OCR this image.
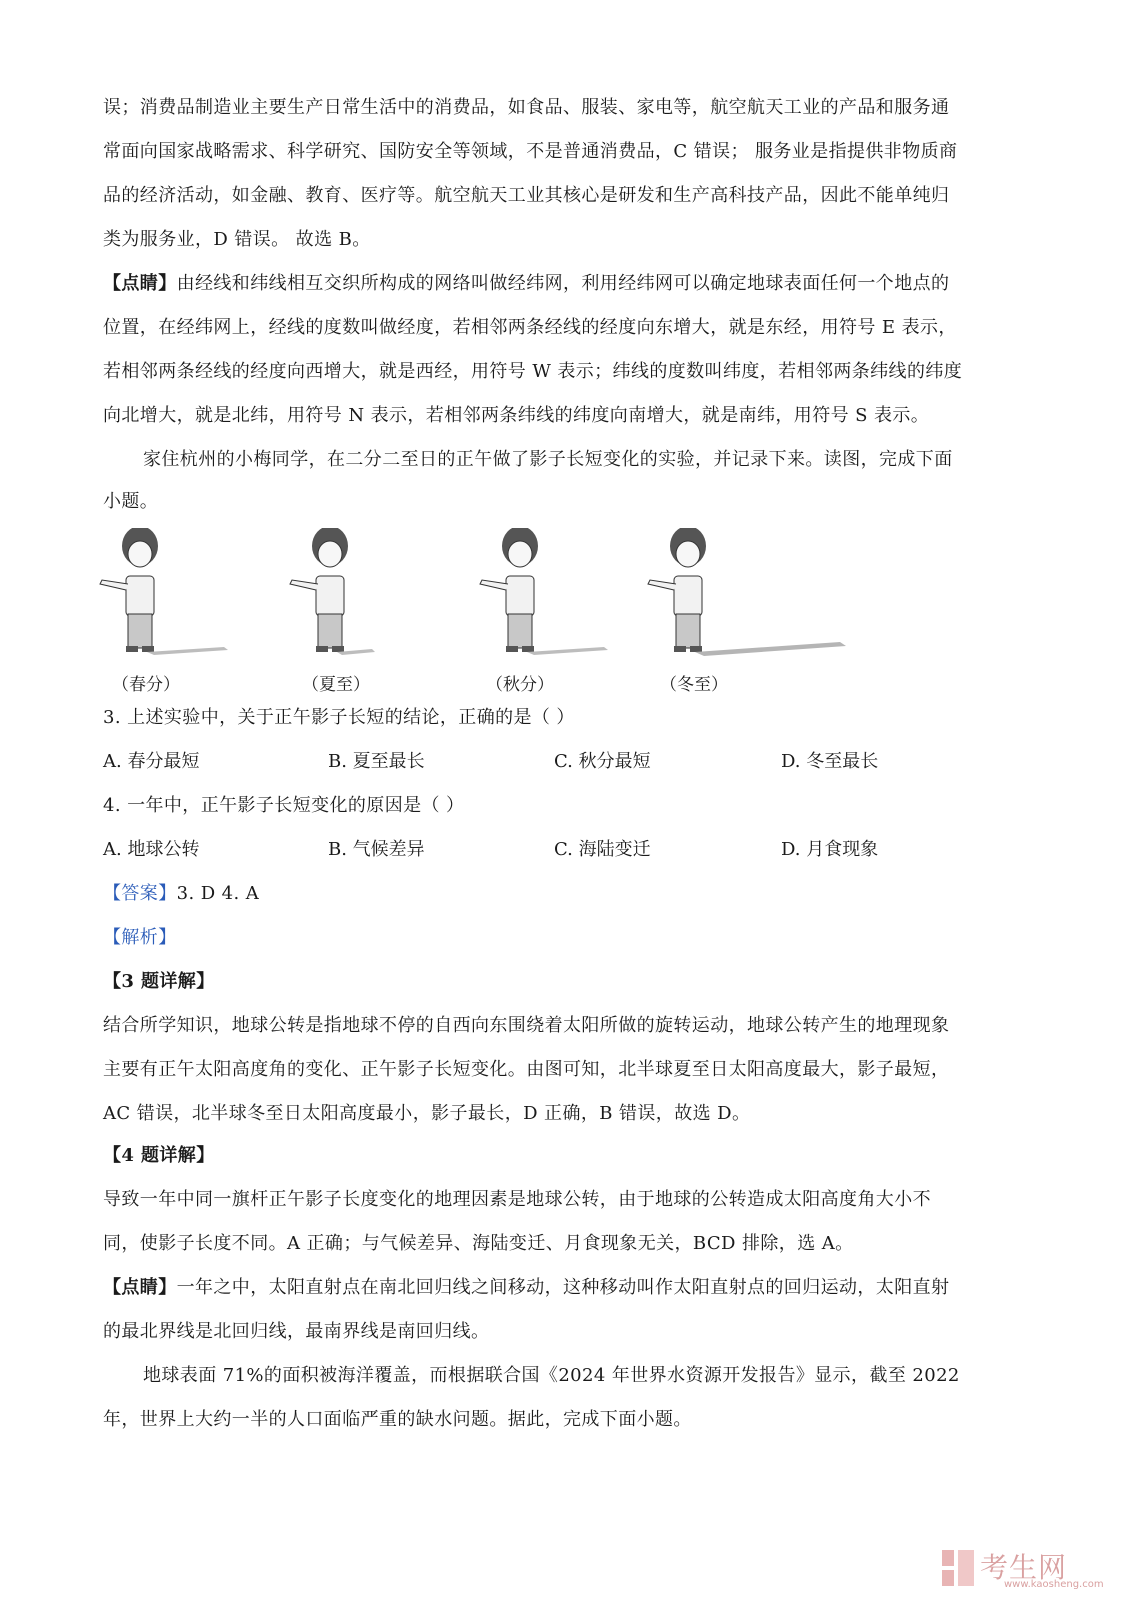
误；消费品制造业主要生产日常生活中的消费品，如食品、服装、家电等，航空航天工业的产品和服务通
常面向国家战略需求、科学研究、国防安全等领域，不是普通消费品，C 错误； 服务业是指提供非物质商
品的经济活动，如金融、教育、医疗等。航空航天工业其核心是研发和生产高科技产品，因此不能单纯归
类为服务业，D 错误。 故选 B。
【点睛】由经线和纬线相互交织所构成的网络叫做经纬网，利用经纬网可以确定地球表面任何一个地点的
位置，在经纬网上，经线的度数叫做经度，若相邻两条经线的经度向东增大，就是东经，用符号 E 表示，
若相邻两条经线的经度向西增大，就是西经，用符号 W 表示；纬线的度数叫纬度，若相邻两条纬线的纬度
向北增大，就是北纬，用符号 N 表示，若相邻两条纬线的纬度向南增大，就是南纬，用符号 S 表示。
家住杭州的小梅同学，在二分二至日的正午做了影子长短变化的实验，并记录下来。读图，完成下面
小题。
（春分）	（夏至）	（秋分）	（冬至）
3. 上述实验中，关于正午影子长短的结论，正确的是（ ）
A. 春分最短	B. 夏至最长	C. 秋分最短	D. 冬至最长
4. 一年中，正午影子长短变化的原因是（ ）
A. 地球公转	B. 气候差异	C. 海陆变迁	D. 月食现象
【答案】3. D 4. A
【解析】
【3 题详解】
结合所学知识，地球公转是指地球不停的自西向东围绕着太阳所做的旋转运动，地球公转产生的地理现象
主要有正午太阳高度角的变化、正午影子长短变化。由图可知，北半球夏至日太阳高度最大，影子最短，
AC 错误，北半球冬至日太阳高度最小，影子最长，D 正确，B 错误，故选 D。
【4 题详解】
导致一年中同一旗杆正午影子长度变化的地理因素是地球公转，由于地球的公转造成太阳高度角大小不
同，使影子长度不同。A 正确；与气候差异、海陆变迁、月食现象无关，BCD 排除，选 A。
【点睛】一年之中，太阳直射点在南北回归线之间移动，这种移动叫作太阳直射点的回归运动，太阳直射
的最北界线是北回归线，最南界线是南回归线。
地球表面 71%的面积被海洋覆盖，而根据联合国《2024 年世界水资源开发报告》显示，截至 2022
年，世界上大约一半的人口面临严重的缺水问题。据此，完成下面小题。
考生网
www.kaosheng.com
